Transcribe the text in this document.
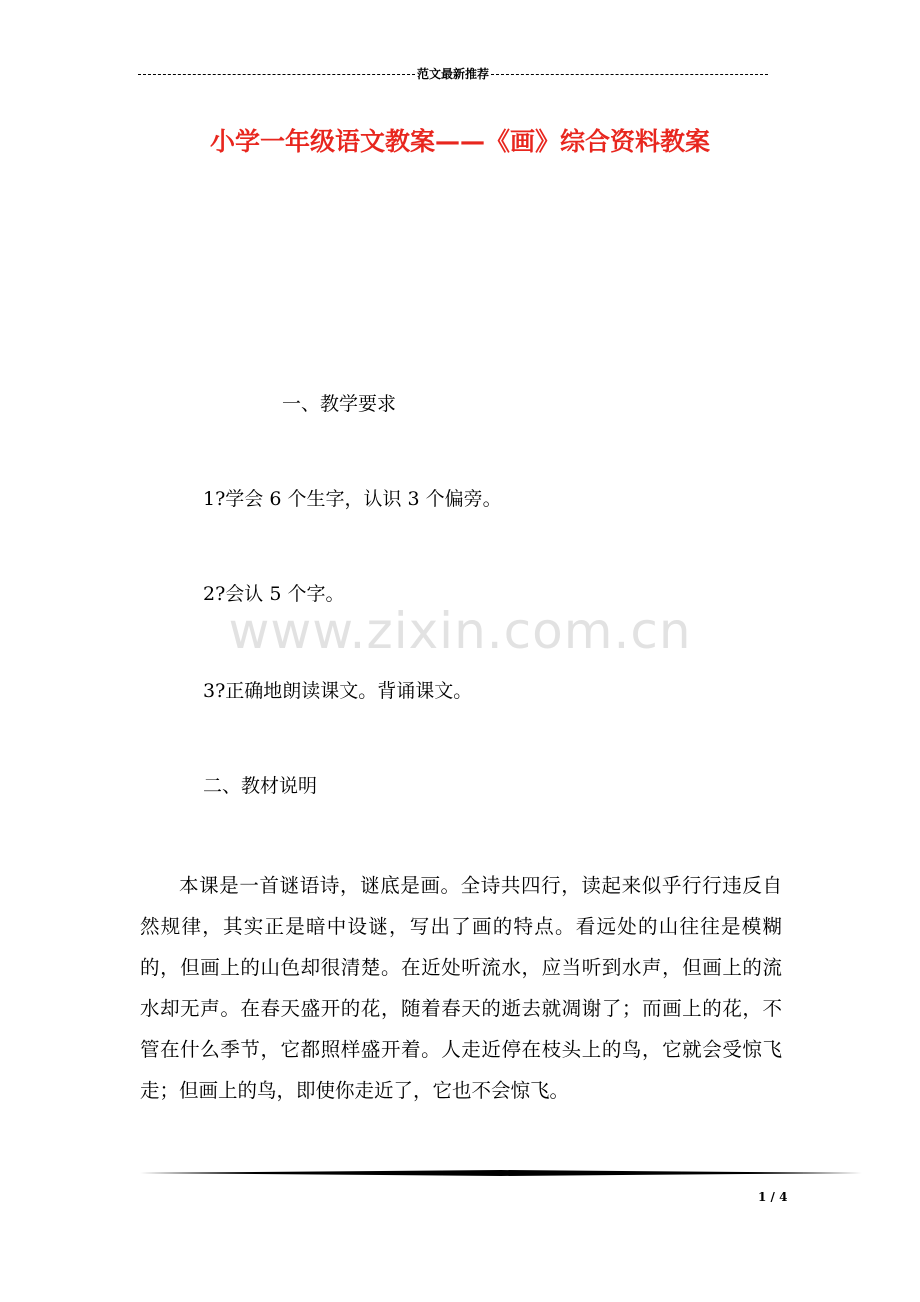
范文最新推荐
小学一年级语文教案——《画》综合资料教案
一、教学要求
1?学会 6 个生字，认识 3 个偏旁。
2?会认 5 个字。
3?正确地朗读课文。背诵课文。
二、教材说明
本课是一首谜语诗，谜底是画。全诗共四行，读起来似乎行行违反自然规律，其实正是暗中设谜，写出了画的特点。看远处的山往往是模糊的，但画上的山色却很清楚。在近处听流水，应当听到水声，但画上的流水却无声。在春天盛开的花，随着春天的逝去就凋谢了；而画上的花，不管在什么季节，它都照样盛开着。人走近停在枝头上的鸟，它就会受惊飞走；但画上的鸟，即使你走近了，它也不会惊飞。
www.zixin.com.cn
1 / 4
